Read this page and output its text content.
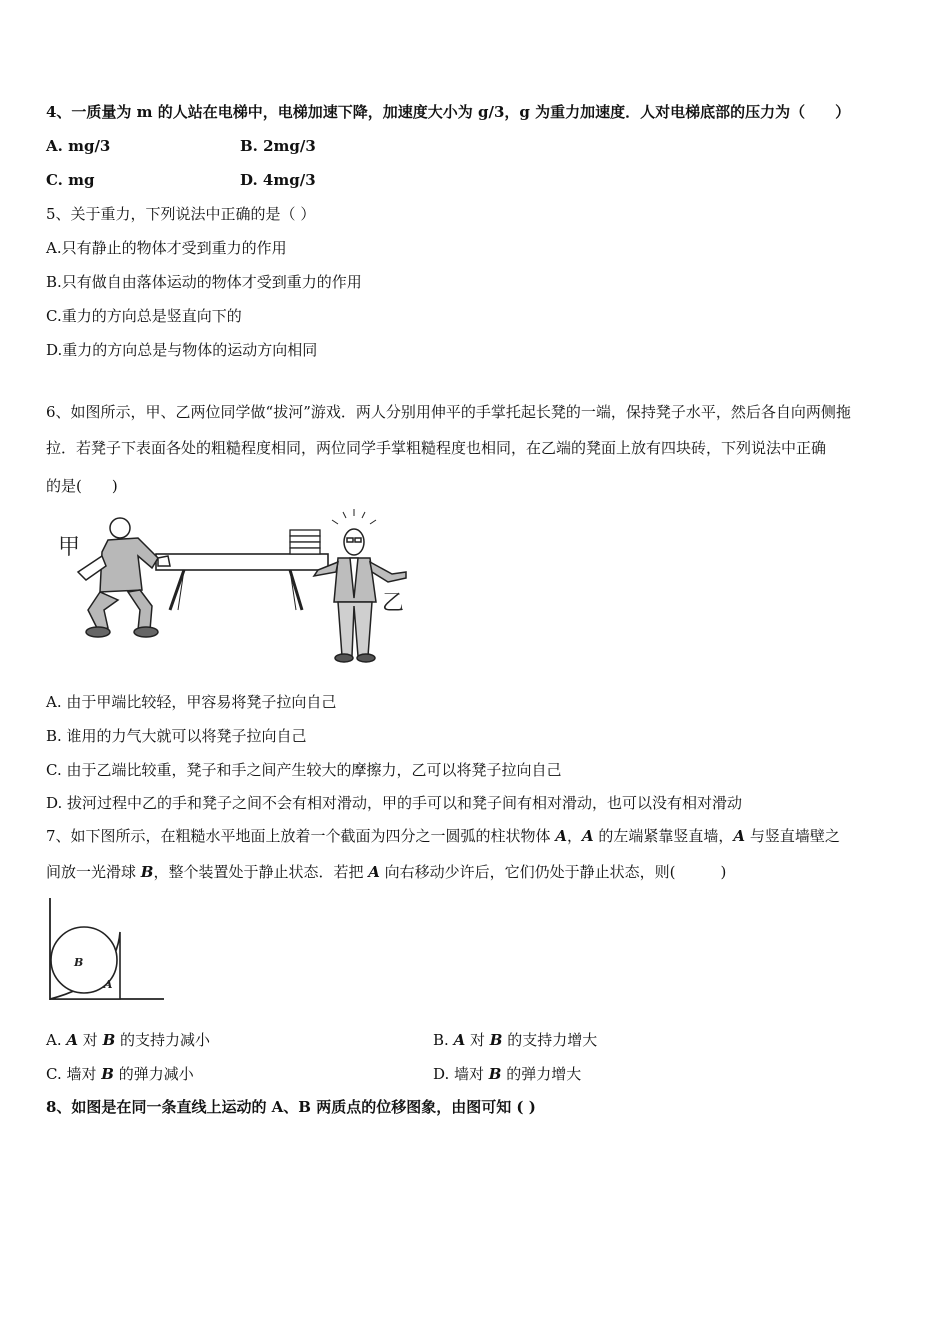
4、一质量为 m 的人站在电梯中，电梯加速下降，加速度大小为 g/3，g 为重力加速度．人对电梯底部的压力为（　　）
A. mg/3	B. 2mg/3
C. mg	D. 4mg/3
5、关于重力，下列说法中正确的是（ ）
A.只有静止的物体才受到重力的作用
B.只有做自由落体运动的物体才受到重力的作用
C.重力的方向总是竖直向下的
D.重力的方向总是与物体的运动方向相同
6、如图所示，甲、乙两位同学做“拔河”游戏．两人分别用伸平的手掌托起长凳的一端，保持凳子水平，然后各自向两侧拖
拉．若凳子下表面各处的粗糙程度相同，两位同学手掌粗糙程度也相同，在乙端的凳面上放有四块砖，下列说法中正确
的是(　　)
甲
乙
A. 由于甲端比较轻，甲容易将凳子拉向自己
B. 谁用的力气大就可以将凳子拉向自己
C. 由于乙端比较重，凳子和手之间产生较大的摩擦力，乙可以将凳子拉向自己
D. 拔河过程中乙的手和凳子之间不会有相对滑动，甲的手可以和凳子间有相对滑动，也可以没有相对滑动
7、如下图所示，在粗糙水平地面上放着一个截面为四分之一圆弧的柱状物体 A，A 的左端紧靠竖直墙，A 与竖直墙壁之
间放一光滑球 B，整个装置处于静止状态．若把 A 向右移动少许后，它们仍处于静止状态，则(　　　)
B
A
A. A 对 B 的支持力减小	B. A 对 B 的支持力增大
C. 墙对 B 的弹力减小	D. 墙对 B 的弹力增大
8、如图是在同一条直线上运动的 A、B 两质点的位移图象，由图可知 ( )
